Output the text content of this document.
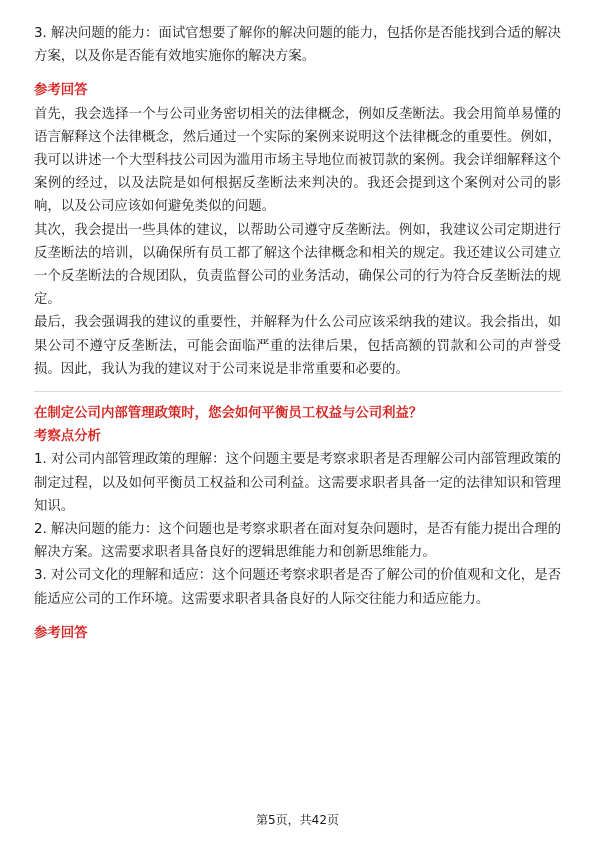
3. 解决问题的能力：面试官想要了解你的解决问题的能力，包括你是否能找到合适的解决方案，以及你是否能有效地实施你的解决方案。

参考回答

首先，我会选择一个与公司业务密切相关的法律概念，例如反垄断法。我会用简单易懂的语言解释这个法律概念，然后通过一个实际的案例来说明这个法律概念的重要性。例如，我可以讲述一个大型科技公司因为滥用市场主导地位而被罚款的案例。我会详细解释这个案例的经过，以及法院是如何根据反垄断法来判决的。我还会提到这个案例对公司的影响，以及公司应该如何避免类似的问题。

其次，我会提出一些具体的建议，以帮助公司遵守反垄断法。例如，我建议公司定期进行反垄断法的培训，以确保所有员工都了解这个法律概念和相关的规定。我还建议公司建立一个反垄断法的合规团队，负责监督公司的业务活动，确保公司的行为符合反垄断法的规定。

最后，我会强调我的建议的重要性，并解释为什么公司应该采纳我的建议。我会指出，如果公司不遵守反垄断法，可能会面临严重的法律后果，包括高额的罚款和公司的声誉受损。因此，我认为我的建议对于公司来说是非常重要和必要的。

在制定公司内部管理政策时，您会如何平衡员工权益与公司利益？

考察点分析

1. 对公司内部管理政策的理解：这个问题主要是考察求职者是否理解公司内部管理政策的制定过程，以及如何平衡员工权益和公司利益。这需要求职者具备一定的法律知识和管理知识。

2. 解决问题的能力：这个问题也是考察求职者在面对复杂问题时，是否有能力提出合理的解决方案。这需要求职者具备良好的逻辑思维能力和创新思维能力。

3. 对公司文化的理解和适应：这个问题还考察求职者是否了解公司的价值观和文化，是否能适应公司的工作环境。这需要求职者具备良好的人际交往能力和适应能力。

参考回答

第5页，共42页
